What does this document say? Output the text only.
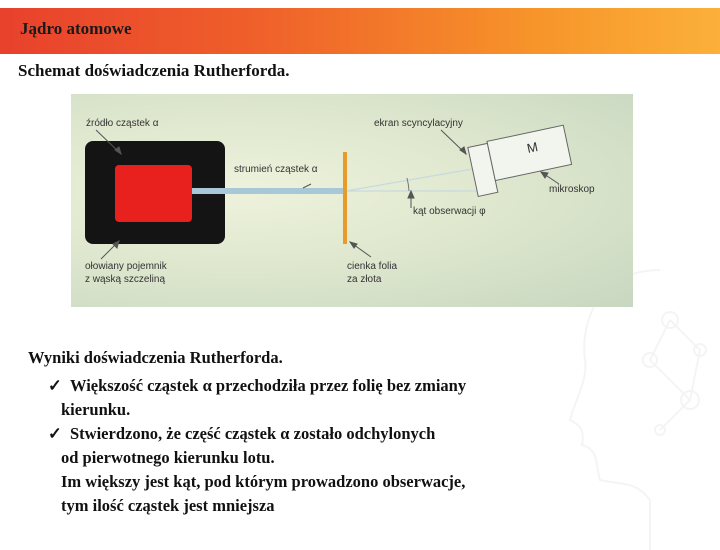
Jądro atomowe
Schemat doświadczenia Rutherforda.
źródło cząstek α	ekran scyncylacyjny
strumień cząstek α
M
mikroskop
kąt obserwacji φ
ołowiany pojemnik
z wąską szczeliną
cienka folia
za złota
Wyniki doświadczenia Rutherforda.
✓ Większość cząstek α przechodziła przez folię bez zmiany
kierunku.
✓ Stwierdzono, że część cząstek α zostało odchylonych
od pierwotnego kierunku lotu.
Im większy jest kąt, pod którym prowadzono obserwacje,
tym ilość cząstek jest mniejsza
